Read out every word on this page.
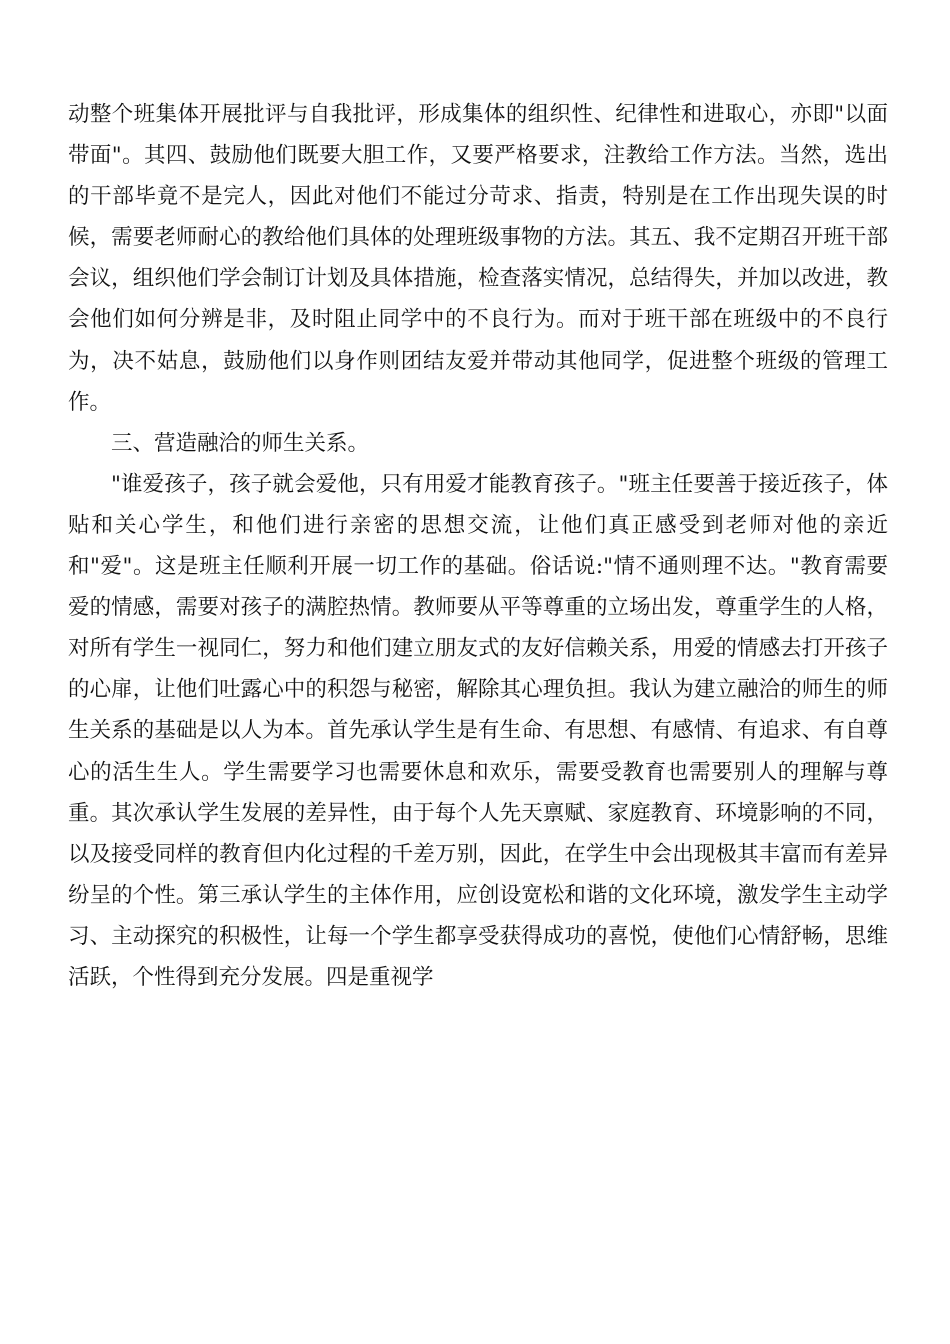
动整个班集体开展批评与自我批评，形成集体的组织性、纪律性和进取心，亦即"以面带面"。其四、鼓励他们既要大胆工作，又要严格要求，注教给工作方法。当然，选出的干部毕竟不是完人，因此对他们不能过分苛求、指责，特别是在工作出现失误的时候，需要老师耐心的教给他们具体的处理班级事物的方法。其五、我不定期召开班干部会议，组织他们学会制订计划及具体措施，检查落实情况，总结得失，并加以改进，教会他们如何分辨是非，及时阻止同学中的不良行为。而对于班干部在班级中的不良行为，决不姑息，鼓励他们以身作则团结友爱并带动其他同学，促进整个班级的管理工作。

三、营造融洽的师生关系。

"谁爱孩子，孩子就会爱他，只有用爱才能教育孩子。"班主任要善于接近孩子，体贴和关心学生，和他们进行亲密的思想交流，让他们真正感受到老师对他的亲近和"爱"。这是班主任顺利开展一切工作的基础。俗话说:"情不通则理不达。"教育需要爱的情感，需要对孩子的满腔热情。教师要从平等尊重的立场出发，尊重学生的人格，对所有学生一视同仁，努力和他们建立朋友式的友好信赖关系，用爱的情感去打开孩子的心扉，让他们吐露心中的积怨与秘密，解除其心理负担。我认为建立融洽的师生的师生关系的基础是以人为本。首先承认学生是有生命、有思想、有感情、有追求、有自尊心的活生生人。学生需要学习也需要休息和欢乐，需要受教育也需要别人的理解与尊重。其次承认学生发展的差异性，由于每个人先天禀赋、家庭教育、环境影响的不同，以及接受同样的教育但内化过程的千差万别，因此，在学生中会出现极其丰富而有差异纷呈的个性。第三承认学生的主体作用，应创设宽松和谐的文化环境，激发学生主动学习、主动探究的积极性，让每一个学生都享受获得成功的喜悦，使他们心情舒畅，思维活跃，个性得到充分发展。四是重视学
